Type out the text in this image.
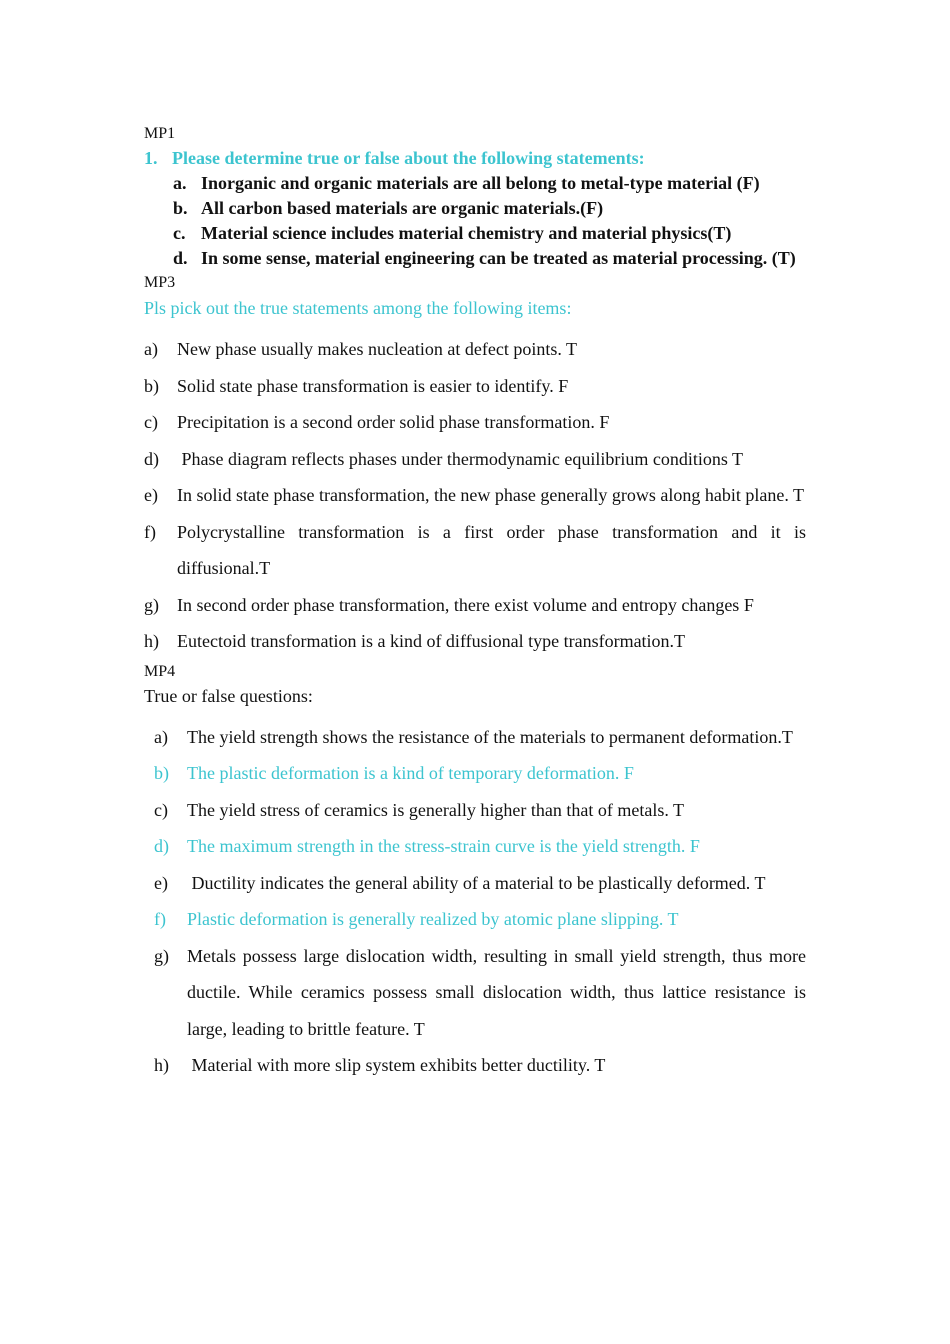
MP1

1. Please determine true or false about the following statements:

a. Inorganic and organic materials are all belong to metal-type material (F)
b. All carbon based materials are organic materials.(F)
c. Material science includes material chemistry and material physics(T)
d. In some sense, material engineering can be treated as material processing. (T)

MP3

Pls pick out the true statements among the following items:

a)	New phase usually makes nucleation at defect points. T
b)	Solid state phase transformation is easier to identify. F
c)	Precipitation is a second order solid phase transformation. F
d)	Phase diagram reflects phases under thermodynamic equilibrium conditions T
e)	In solid state phase transformation, the new phase generally grows along habit plane. T
f)	Polycrystalline transformation is a first order phase transformation and it is diffusional.T
g)	In second order phase transformation, there exist volume and entropy changes F
h)	Eutectoid transformation is a kind of diffusional type transformation.T

MP4

True or false questions:

a)	The yield strength shows the resistance of the materials to permanent deformation.T
b)	The plastic deformation is a kind of temporary deformation. F
c)	The yield stress of ceramics is generally higher than that of metals. T
d)	The maximum strength in the stress-strain curve is the yield strength. F
e)	Ductility indicates the general ability of a material to be plastically deformed. T
f)	Plastic deformation is generally realized by atomic plane slipping. T
g)	Metals possess large dislocation width, resulting in small yield strength, thus more ductile. While ceramics possess small dislocation width, thus lattice resistance is large, leading to brittle feature. T
h)	Material with more slip system exhibits better ductility. T
